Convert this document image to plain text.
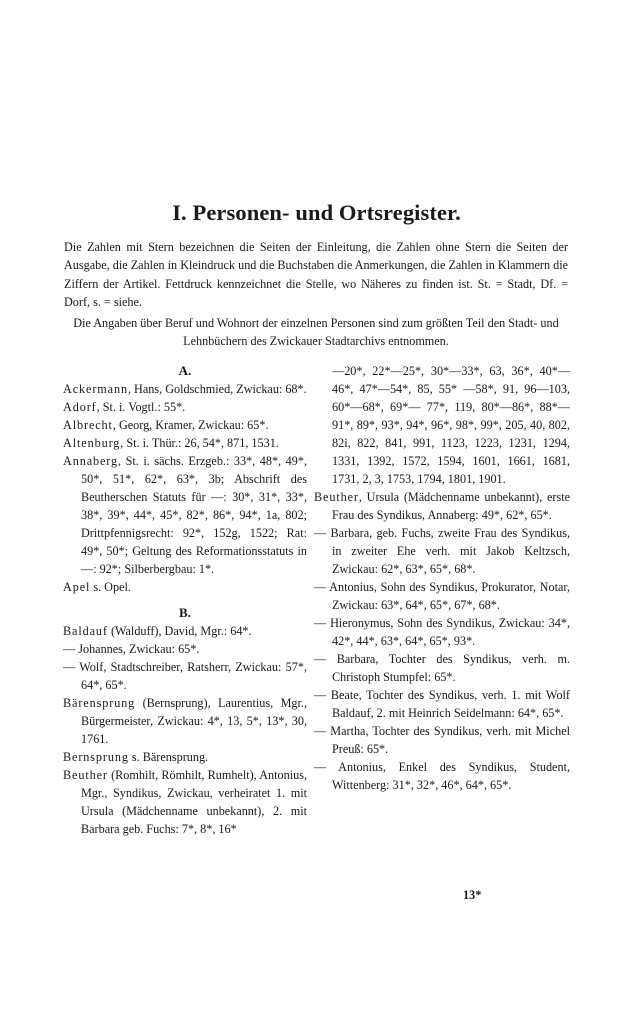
I. Personen- und Ortsregister.

Die Zahlen mit Stern bezeichnen die Seiten der Einleitung, die Zahlen ohne Stern die Seiten der Ausgabe, die Zahlen in Kleindruck und die Buchstaben die Anmerkungen, die Zahlen in Klammern die Ziffern der Artikel. Fettdruck kennzeichnet die Stelle, wo Näheres zu finden ist. St. = Stadt, Df. = Dorf, s. = siehe.

Die Angaben über Beruf und Wohnort der einzelnen Personen sind zum größten Teil den Stadt- und Lehnbüchern des Zwickauer Stadtarchivs entnommen.

A.

Ackermann, Hans, Goldschmied, Zwickau: 68*.

Adorf, St. i. Vogtl.: 55*.

Albrecht, Georg, Kramer, Zwickau: 65*.

Altenburg, St. i. Thür.: 26, 54*, 871, 1531.

Annaberg, St. i. sächs. Erzgeb.: 33*, 48*, 49*, 50*, 51*, 62*, 63*, 3b; Abschrift des Beutherschen Statuts für —: 30*, 31*, 33*, 38*, 39*, 44*, 45*, 82*, 86*, 94*, 1a, 802; Drittpfennigsrecht: 92*, 152g, 1522; Rat: 49*, 50*; Geltung des Reformationsstatuts in —: 92*; Silberbergbau: 1*.

Apel s. Opel.

B.

Baldauf (Walduff), David, Mgr.: 64*.

— Johannes, Zwickau: 65*.

— Wolf, Stadtschreiber, Ratsherr, Zwickau: 57*, 64*, 65*.

Bärensprung (Bernsprung), Laurentius, Mgr., Bürgermeister, Zwickau: 4*, 13, 5*, 13*, 30, 1761.

Bernsprung s. Bärensprung.

Beuther (Romhilt, Römhilt, Rumhelt), Antonius, Mgr., Syndikus, Zwickau, verheiratet 1. mit Ursula (Mädchenname unbekannt), 2. mit Barbara geb. Fuchs: 7*, 8*, 16*

—20*, 22*—25*, 30*—33*, 63, 36*, 40*—46*, 47*—54*, 85, 55* —58*, 91, 96—103, 60*—68*, 69*— 77*, 119, 80*—86*, 88*—91*, 89*, 93*, 94*, 96*, 98*, 99*, 205, 40, 802, 82i, 822, 841, 991, 1123, 1223, 1231, 1294, 1331, 1392, 1572, 1594, 1601, 1661, 1681, 1731, 2, 3, 1753, 1794, 1801, 1901.

Beuther, Ursula (Mädchenname unbekannt), erste Frau des Syndikus, Annaberg: 49*, 62*, 65*.

— Barbara, geb. Fuchs, zweite Frau des Syndikus, in zweiter Ehe verh. mit Jakob Keltzsch, Zwickau: 62*, 63*, 65*, 68*.

— Antonius, Sohn des Syndikus, Prokurator, Notar, Zwickau: 63*, 64*, 65*, 67*, 68*.

— Hieronymus, Sohn des Syndikus, Zwickau: 34*, 42*, 44*, 63*, 64*, 65*, 93*.

— Barbara, Tochter des Syndikus, verh. m. Christoph Stumpfel: 65*.

— Beate, Tochter des Syndikus, verh. 1. mit Wolf Baldauf, 2. mit Heinrich Seidelmann: 64*, 65*.

— Martha, Tochter des Syndikus, verh. mit Michel Preuß: 65*.

— Antonius, Enkel des Syndikus, Student, Wittenberg: 31*, 32*, 46*, 64*, 65*.

13*
